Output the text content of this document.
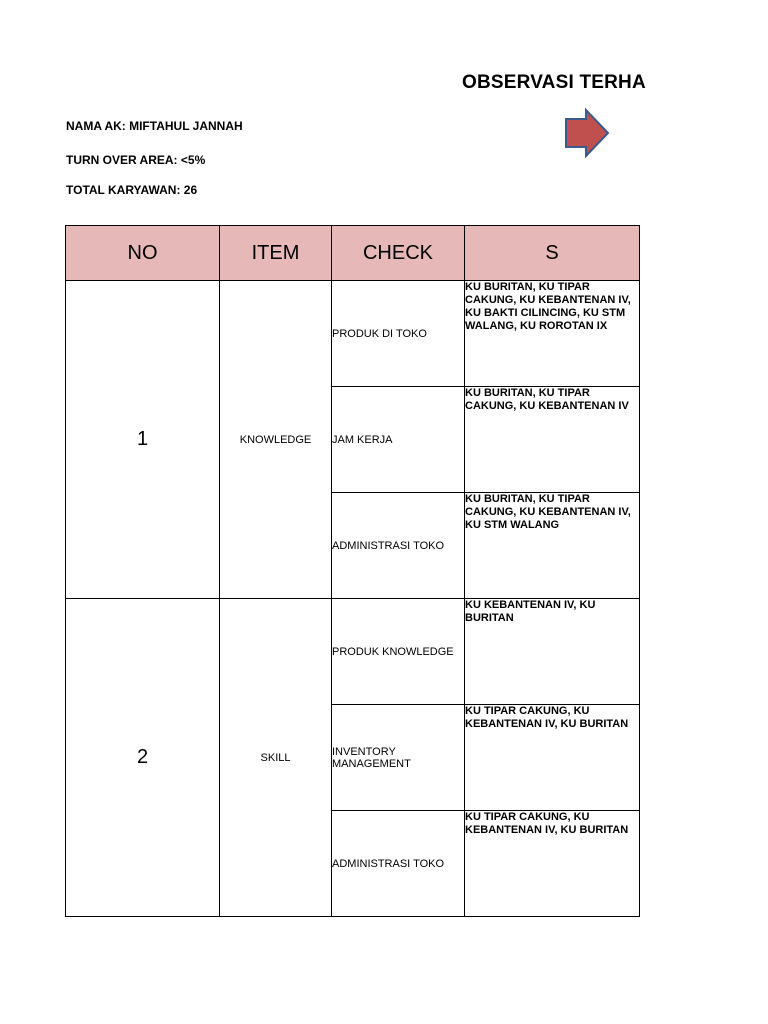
OBSERVASI TERHA
NAMA AK: MIFTAHUL JANNAH
TURN OVER AREA: <5%
TOTAL KARYAWAN: 26
NO	ITEM	CHECK	S
1	KNOWLEDGE	PRODUK DI TOKO	KU BURITAN, KU TIPAR CAKUNG, KU KEBANTENAN IV, KU BAKTI CILINCING, KU STM WALANG, KU ROROTAN IX
		JAM KERJA	KU BURITAN, KU TIPAR CAKUNG, KU KEBANTENAN IV
		ADMINISTRASI TOKO	KU BURITAN, KU TIPAR CAKUNG, KU KEBANTENAN IV, KU STM WALANG
2	SKILL	PRODUK KNOWLEDGE	KU KEBANTENAN IV, KU BURITAN
		INVENTORY MANAGEMENT	KU TIPAR CAKUNG, KU KEBANTENAN IV, KU BURITAN
		ADMINISTRASI TOKO	KU TIPAR CAKUNG, KU KEBANTENAN IV, KU BURITAN
